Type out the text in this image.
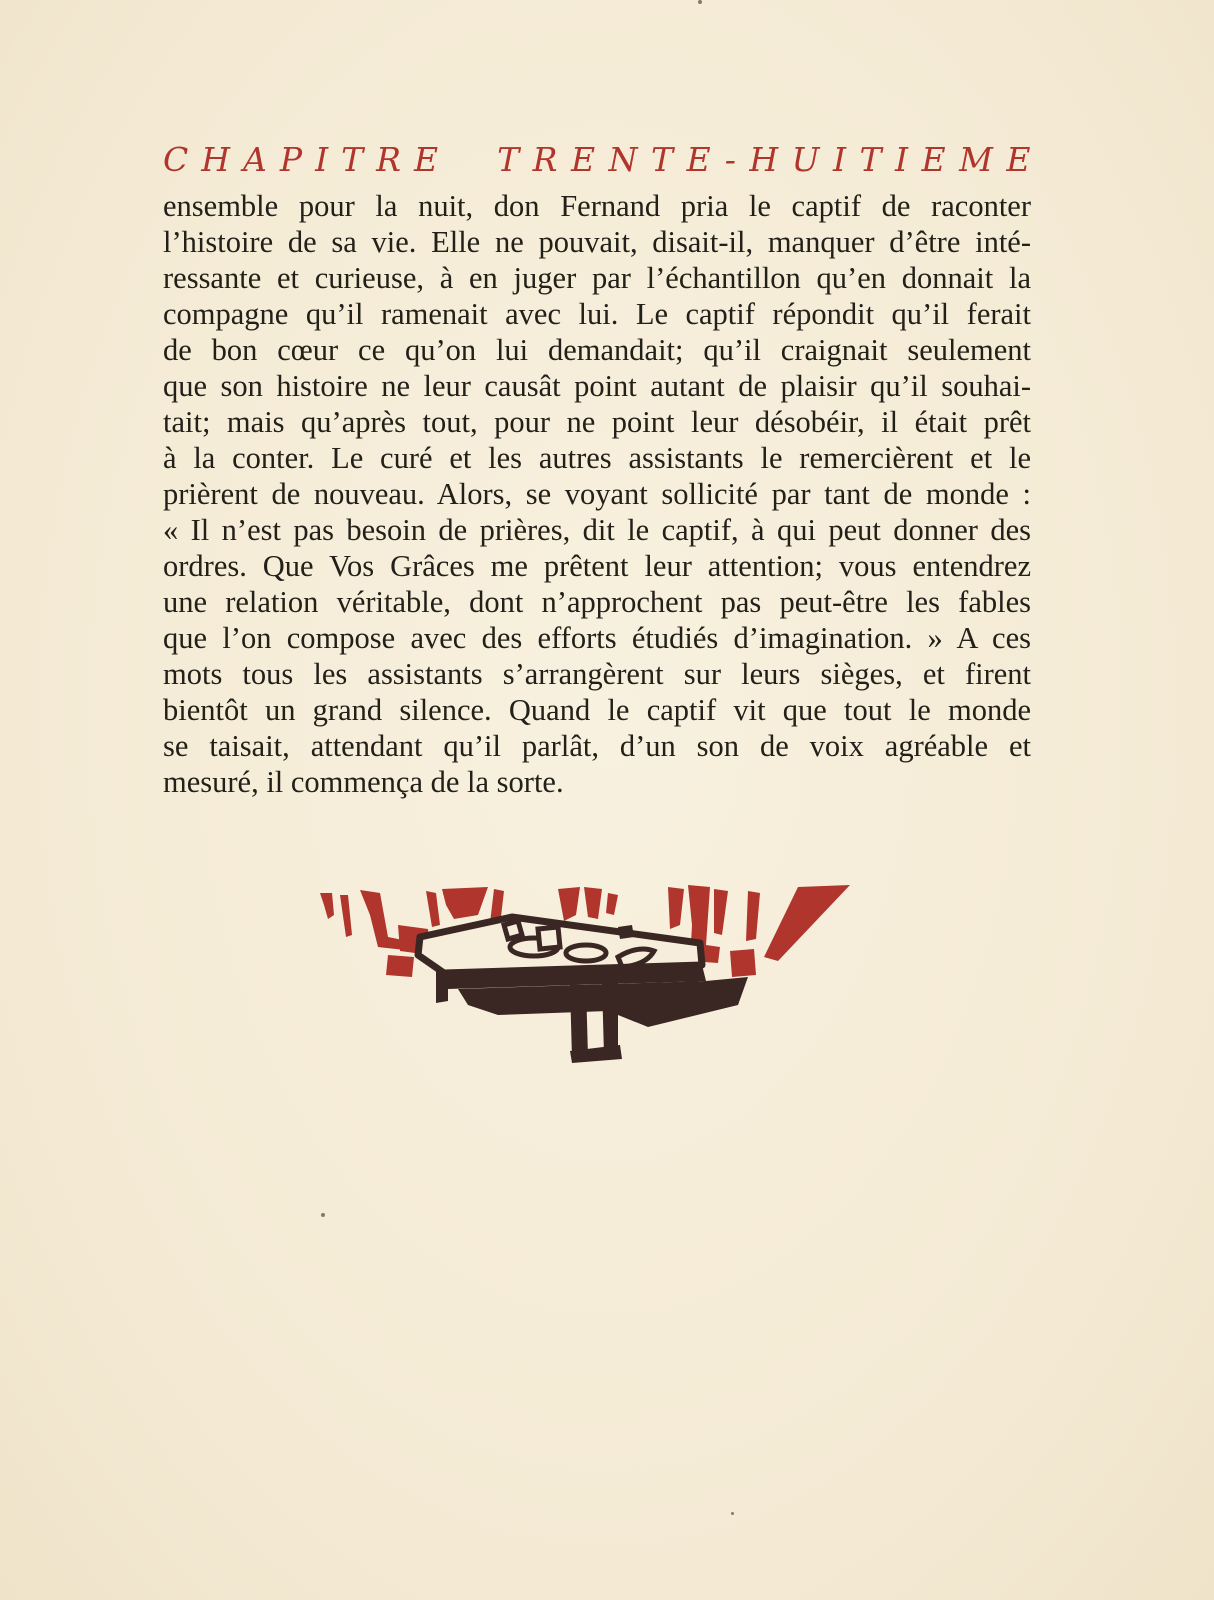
CHAPITRE TRENTE-HUITIEME
ensemble pour la nuit, don Fernand pria le captif de raconter
l’histoire de sa vie. Elle ne pouvait, disait-il, manquer d’être inté-
ressante et curieuse, à en juger par l’échantillon qu’en donnait la
compagne qu’il ramenait avec lui. Le captif répondit qu’il ferait
de bon cœur ce qu’on lui demandait; qu’il craignait seulement
que son histoire ne leur causât point autant de plaisir qu’il souhai-
tait; mais qu’après tout, pour ne point leur désobéir, il était prêt
à la conter. Le curé et les autres assistants le remercièrent et le
prièrent de nouveau. Alors, se voyant sollicité par tant de monde :
« Il n’est pas besoin de prières, dit le captif, à qui peut donner des
ordres. Que Vos Grâces me prêtent leur attention; vous entendrez
une relation véritable, dont n’approchent pas peut-être les fables
que l’on compose avec des efforts étudiés d’imagination. » A ces
mots tous les assistants s’arrangèrent sur leurs sièges, et firent
bientôt un grand silence. Quand le captif vit que tout le monde
se taisait, attendant qu’il parlât, d’un son de voix agréable et
mesuré, il commença de la sorte.
